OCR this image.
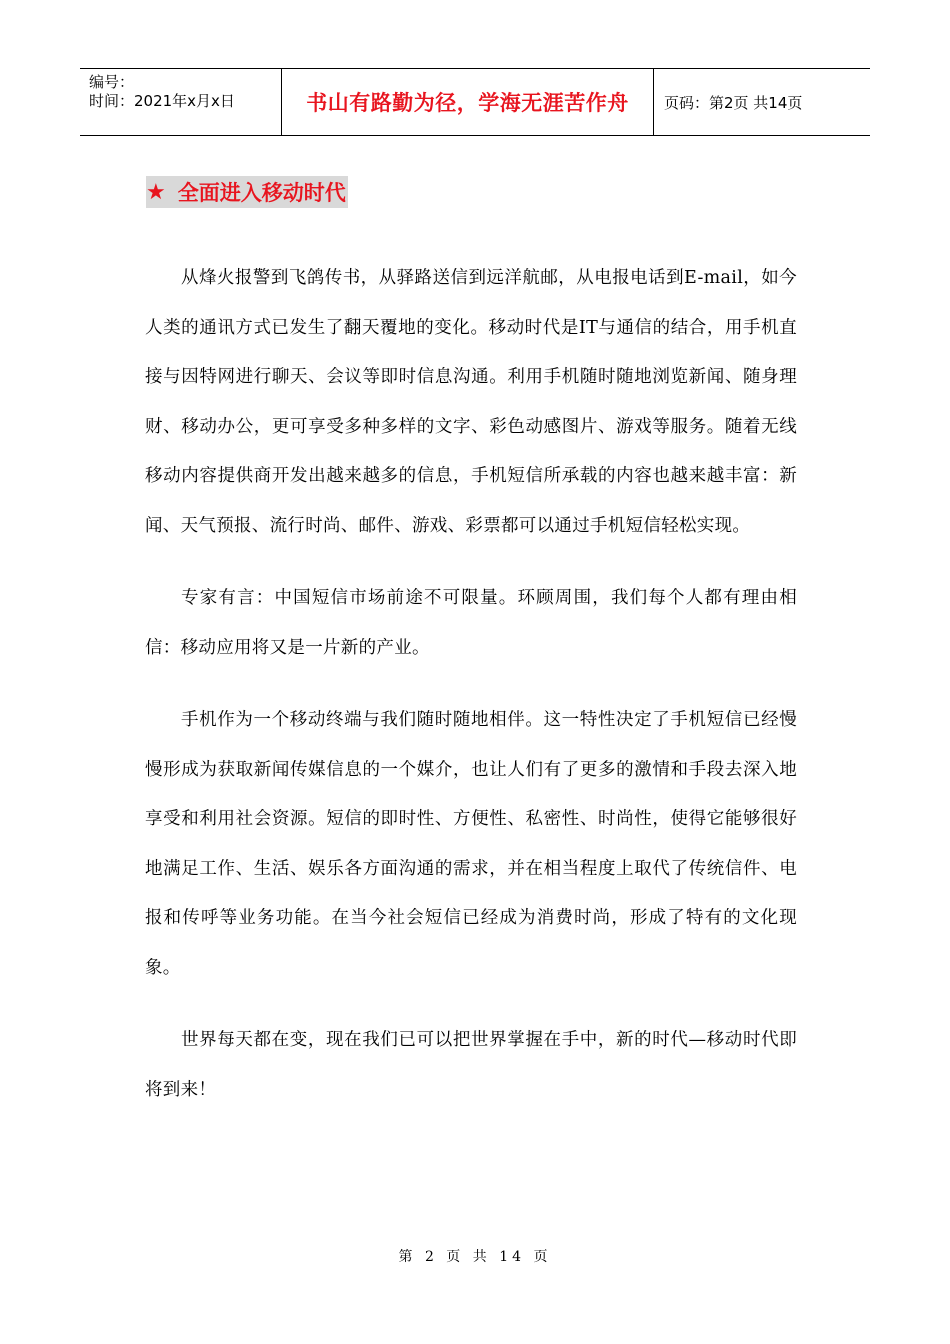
编号：
时间：2021年x月x日	书山有路勤为径，学海无涯苦作舟	页码：第2页 共14页
★ 全面进入移动时代

从烽火报警到飞鸽传书，从驿路送信到远洋航邮，从电报电话到E-mail，如今人类的通讯方式已发生了翻天覆地的变化。移动时代是IT与通信的结合，用手机直接与因特网进行聊天、会议等即时信息沟通。利用手机随时随地浏览新闻、随身理财、移动办公，更可享受多种多样的文字、彩色动感图片、游戏等服务。随着无线移动内容提供商开发出越来越多的信息，手机短信所承载的内容也越来越丰富：新闻、天气预报、流行时尚、邮件、游戏、彩票都可以通过手机短信轻松实现。

专家有言：中国短信市场前途不可限量。环顾周围，我们每个人都有理由相信：移动应用将又是一片新的产业。

手机作为一个移动终端与我们随时随地相伴。这一特性决定了手机短信已经慢慢形成为获取新闻传媒信息的一个媒介，也让人们有了更多的激情和手段去深入地享受和利用社会资源。短信的即时性、方便性、私密性、时尚性，使得它能够很好地满足工作、生活、娱乐各方面沟通的需求，并在相当程度上取代了传统信件、电报和传呼等业务功能。在当今社会短信已经成为消费时尚，形成了特有的文化现象。

世界每天都在变，现在我们已可以把世界掌握在手中，新的时代—移动时代即将到来！

第 2 页 共 14 页
